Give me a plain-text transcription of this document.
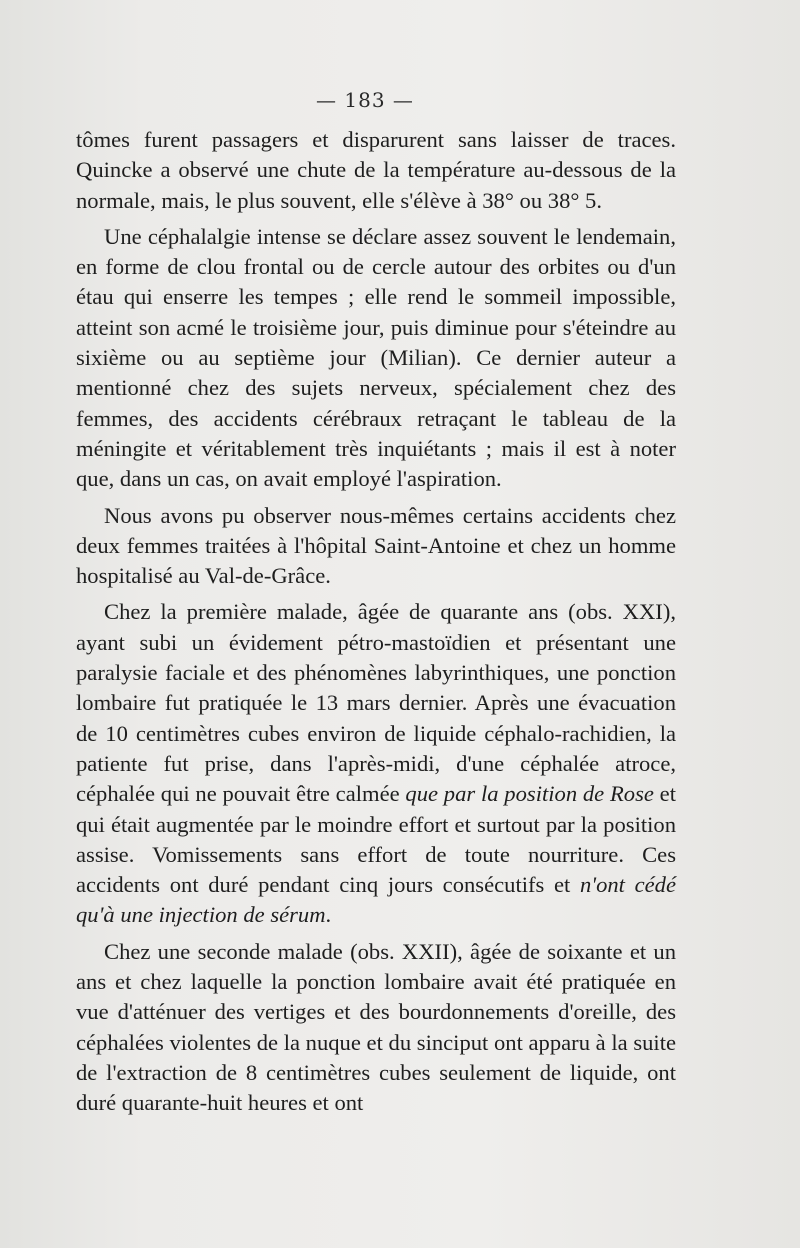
— 183 —

tômes furent passagers et disparurent sans laisser de traces. Quincke a observé une chute de la température au-dessous de la normale, mais, le plus souvent, elle s'élève à 38° ou 38° 5.

Une céphalalgie intense se déclare assez souvent le lendemain, en forme de clou frontal ou de cercle autour des orbites ou d'un étau qui enserre les tempes ; elle rend le sommeil impossible, atteint son acmé le troisième jour, puis diminue pour s'éteindre au sixième ou au septième jour (Milian). Ce dernier auteur a mentionné chez des sujets nerveux, spécialement chez des femmes, des accidents cérébraux retraçant le tableau de la méningite et véritablement très inquiétants ; mais il est à noter que, dans un cas, on avait employé l'aspiration.

Nous avons pu observer nous-mêmes certains accidents chez deux femmes traitées à l'hôpital Saint-Antoine et chez un homme hospitalisé au Val-de-Grâce.

Chez la première malade, âgée de quarante ans (obs. XXI), ayant subi un évidement pétro-mastoïdien et présentant une paralysie faciale et des phénomènes labyrinthiques, une ponction lombaire fut pratiquée le 13 mars dernier. Après une évacuation de 10 centimètres cubes environ de liquide céphalo-rachidien, la patiente fut prise, dans l'après-midi, d'une céphalée atroce, céphalée qui ne pouvait être calmée que par la position de Rose et qui était augmentée par le moindre effort et surtout par la position assise. Vomissements sans effort de toute nourriture. Ces accidents ont duré pendant cinq jours consécutifs et n'ont cédé qu'à une injection de sérum.

Chez une seconde malade (obs. XXII), âgée de soixante et un ans et chez laquelle la ponction lombaire avait été pratiquée en vue d'atténuer des vertiges et des bourdonnements d'oreille, des céphalées violentes de la nuque et du sinciput ont apparu à la suite de l'extraction de 8 centimètres cubes seulement de liquide, ont duré quarante-huit heures et ont
